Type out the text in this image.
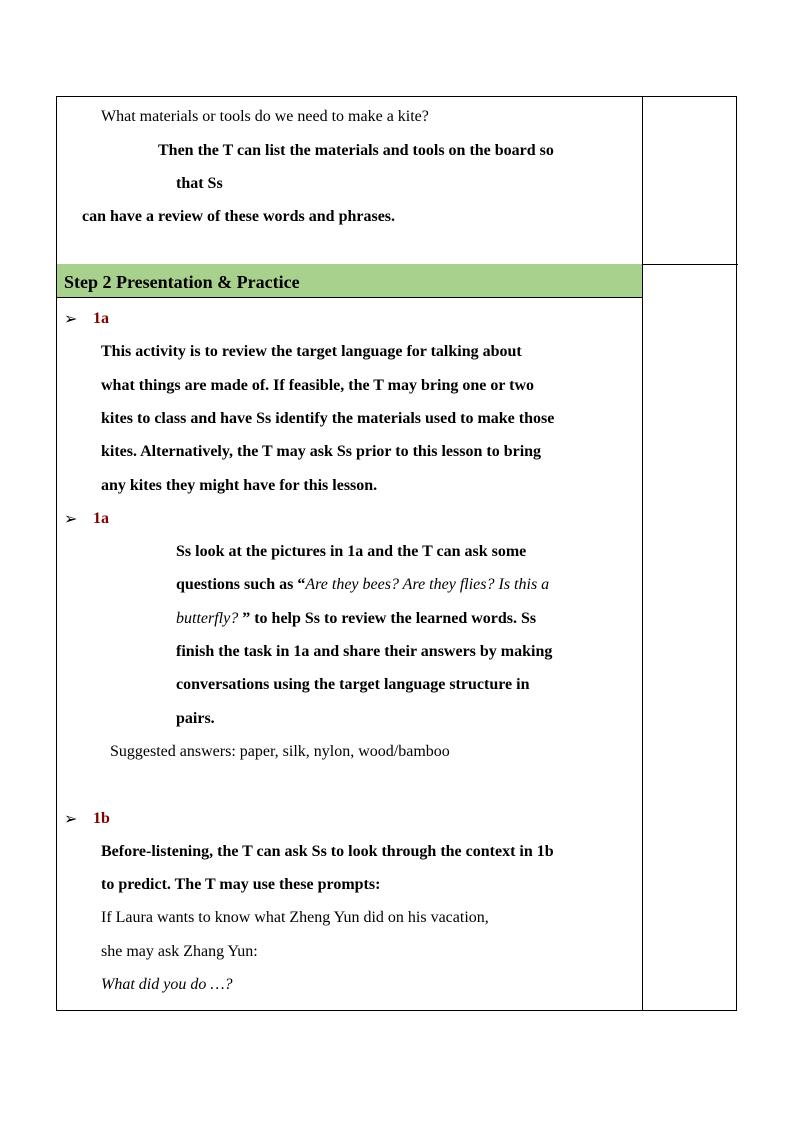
What materials or tools do we need to make a kite?
Then the T can list the materials and tools on the board so
that Ss
can have a review of these words and phrases.
Step 2 Presentation & Practice
➢ 1a
This activity is to review the target language for talking about
what things are made of. If feasible, the T may bring one or two
kites to class and have Ss identify the materials used to make those
kites. Alternatively, the T may ask Ss prior to this lesson to bring
any kites they might have for this lesson.
➢ 1a
Ss look at the pictures in 1a and the T can ask some
questions such as “Are they bees? Are they flies? Is this a
butterfly? ” to help Ss to review the learned words. Ss
finish the task in 1a and share their answers by making
conversations using the target language structure in
pairs.
Suggested answers: paper, silk, nylon, wood/bamboo
➢ 1b
Before-listening, the T can ask Ss to look through the context in 1b
to predict. The T may use these prompts:
If Laura wants to know what Zheng Yun did on his vacation,
she may ask Zhang Yun:
What did you do …?
